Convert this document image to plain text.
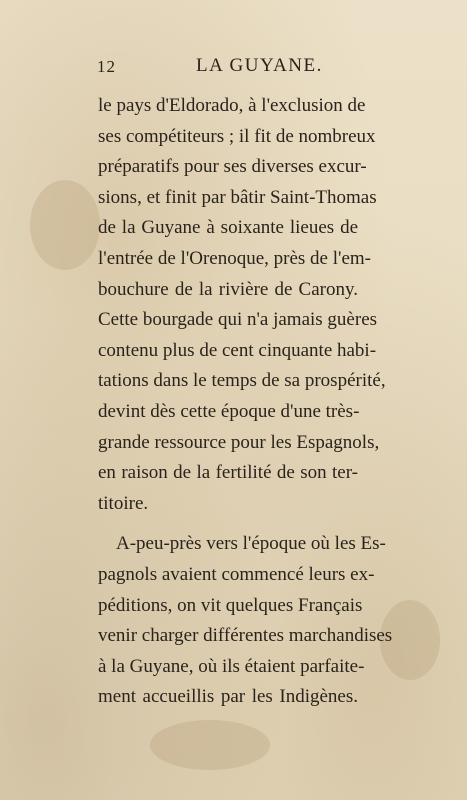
12	LA GUYANE.
le pays d'Eldorado, à l'exclusion de
ses compétiteurs ; il fit de nombreux
préparatifs pour ses diverses excur-
sions, et finit par bâtir Saint-Thomas
de la Guyane à soixante lieues de
l'entrée de l'Orenoque, près de l'em-
bouchure de la rivière de Carony.
Cette bourgade qui n'a jamais guères
contenu plus de cent cinquante habi-
tations dans le temps de sa prospérité,
devint dès cette époque d'une très-
grande ressource pour les Espagnols,
en raison de la fertilité de son ter-
titoire.
A-peu-près vers l'époque où les Es-
pagnols avaient commencé leurs ex-
péditions, on vit quelques Français
venir charger différentes marchandises
à la Guyane, où ils étaient parfaite-
ment accueillis par les Indigènes.
